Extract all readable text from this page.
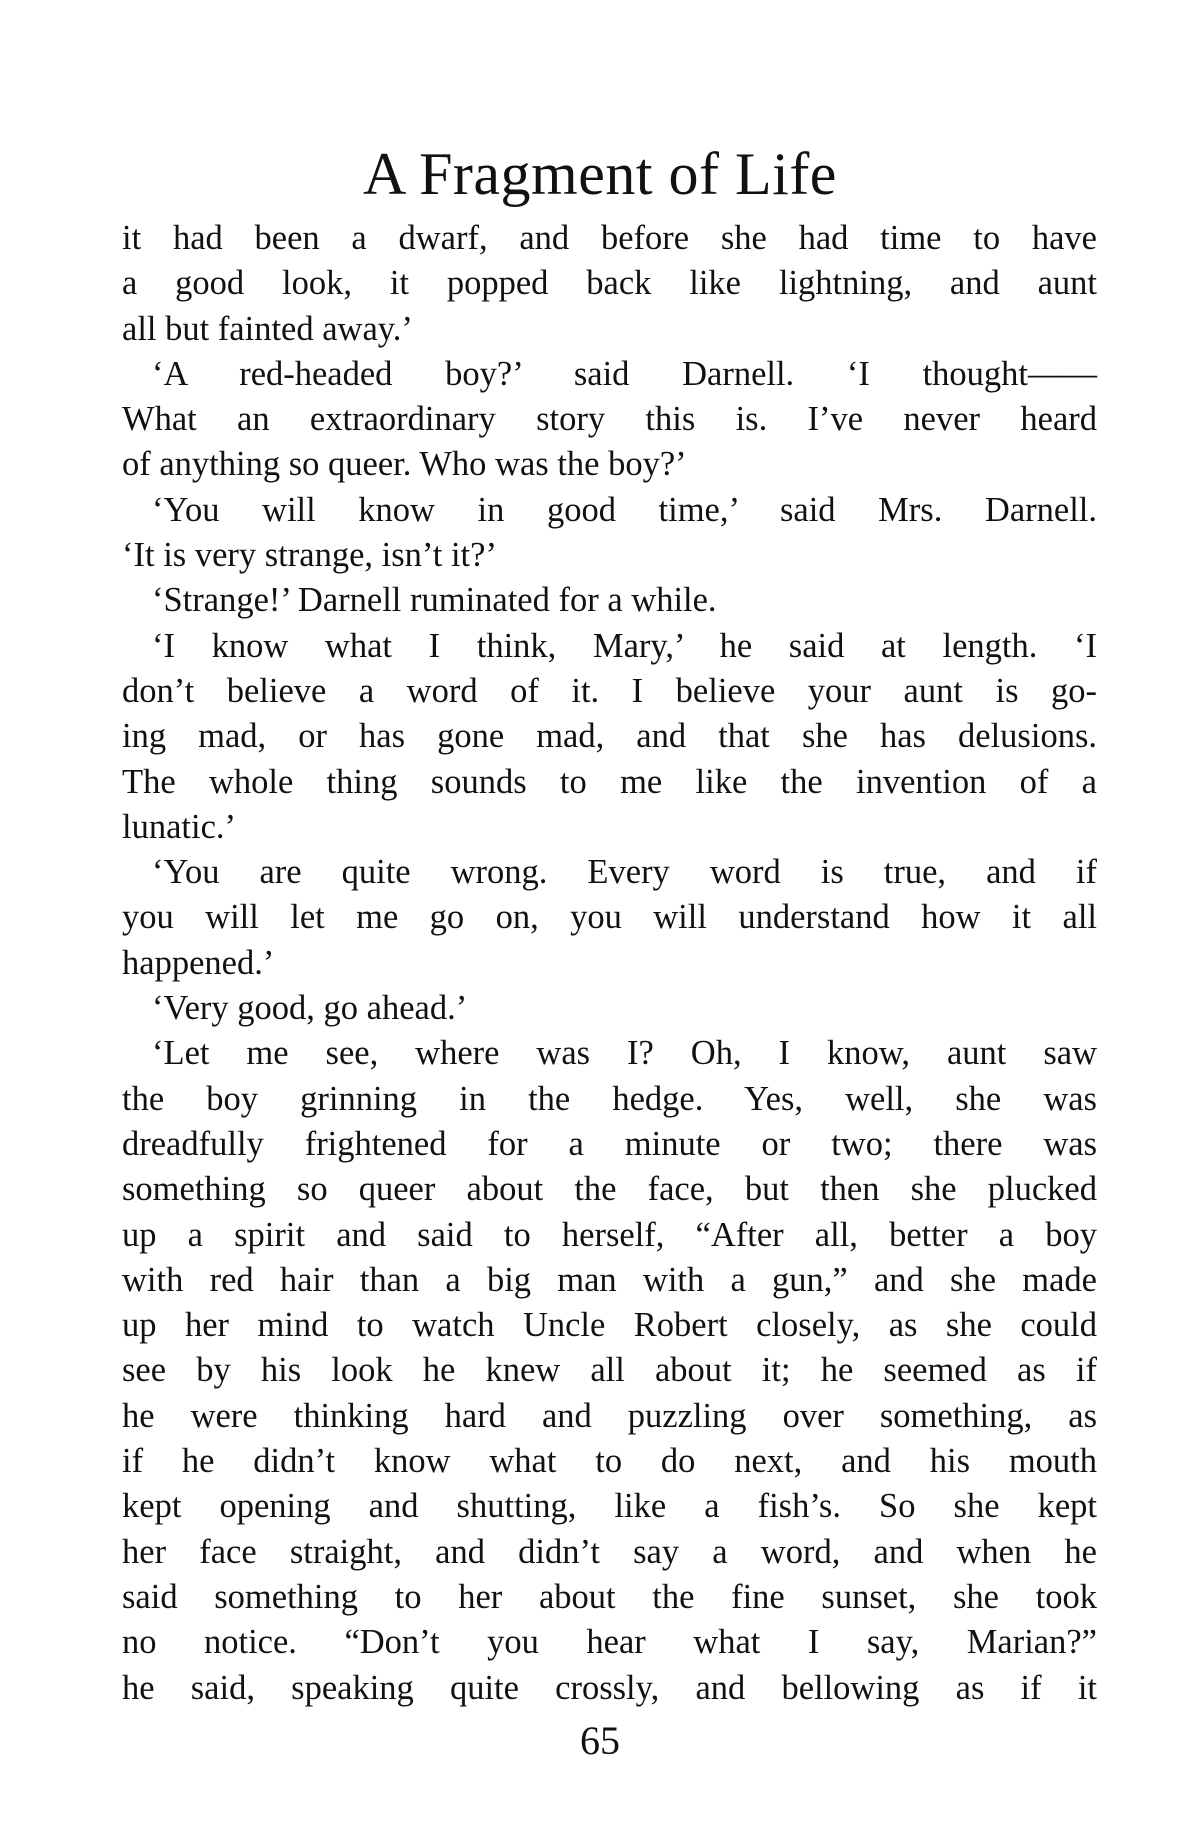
A Fragment of Life
it had been a dwarf, and before she had time to have
a good look, it popped back like lightning, and aunt
all but fainted away.’
‘A red-headed boy?’ said Darnell. ‘I thought——
What an extraordinary story this is. I’ve never heard
of anything so queer. Who was the boy?’
‘You will know in good time,’ said Mrs. Darnell.
‘It is very strange, isn’t it?’
‘Strange!’ Darnell ruminated for a while.
‘I know what I think, Mary,’ he said at length. ‘I
don’t believe a word of it. I believe your aunt is go-
ing mad, or has gone mad, and that she has delusions.
The whole thing sounds to me like the invention of a
lunatic.’
‘You are quite wrong. Every word is true, and if
you will let me go on, you will understand how it all
happened.’
‘Very good, go ahead.’
‘Let me see, where was I? Oh, I know, aunt saw
the boy grinning in the hedge. Yes, well, she was
dreadfully frightened for a minute or two; there was
something so queer about the face, but then she plucked
up a spirit and said to herself, “After all, better a boy
with red hair than a big man with a gun,” and she made
up her mind to watch Uncle Robert closely, as she could
see by his look he knew all about it; he seemed as if
he were thinking hard and puzzling over something, as
if he didn’t know what to do next, and his mouth
kept opening and shutting, like a fish’s. So she kept
her face straight, and didn’t say a word, and when he
said something to her about the fine sunset, she took
no notice. “Don’t you hear what I say, Marian?”
he said, speaking quite crossly, and bellowing as if it
65
